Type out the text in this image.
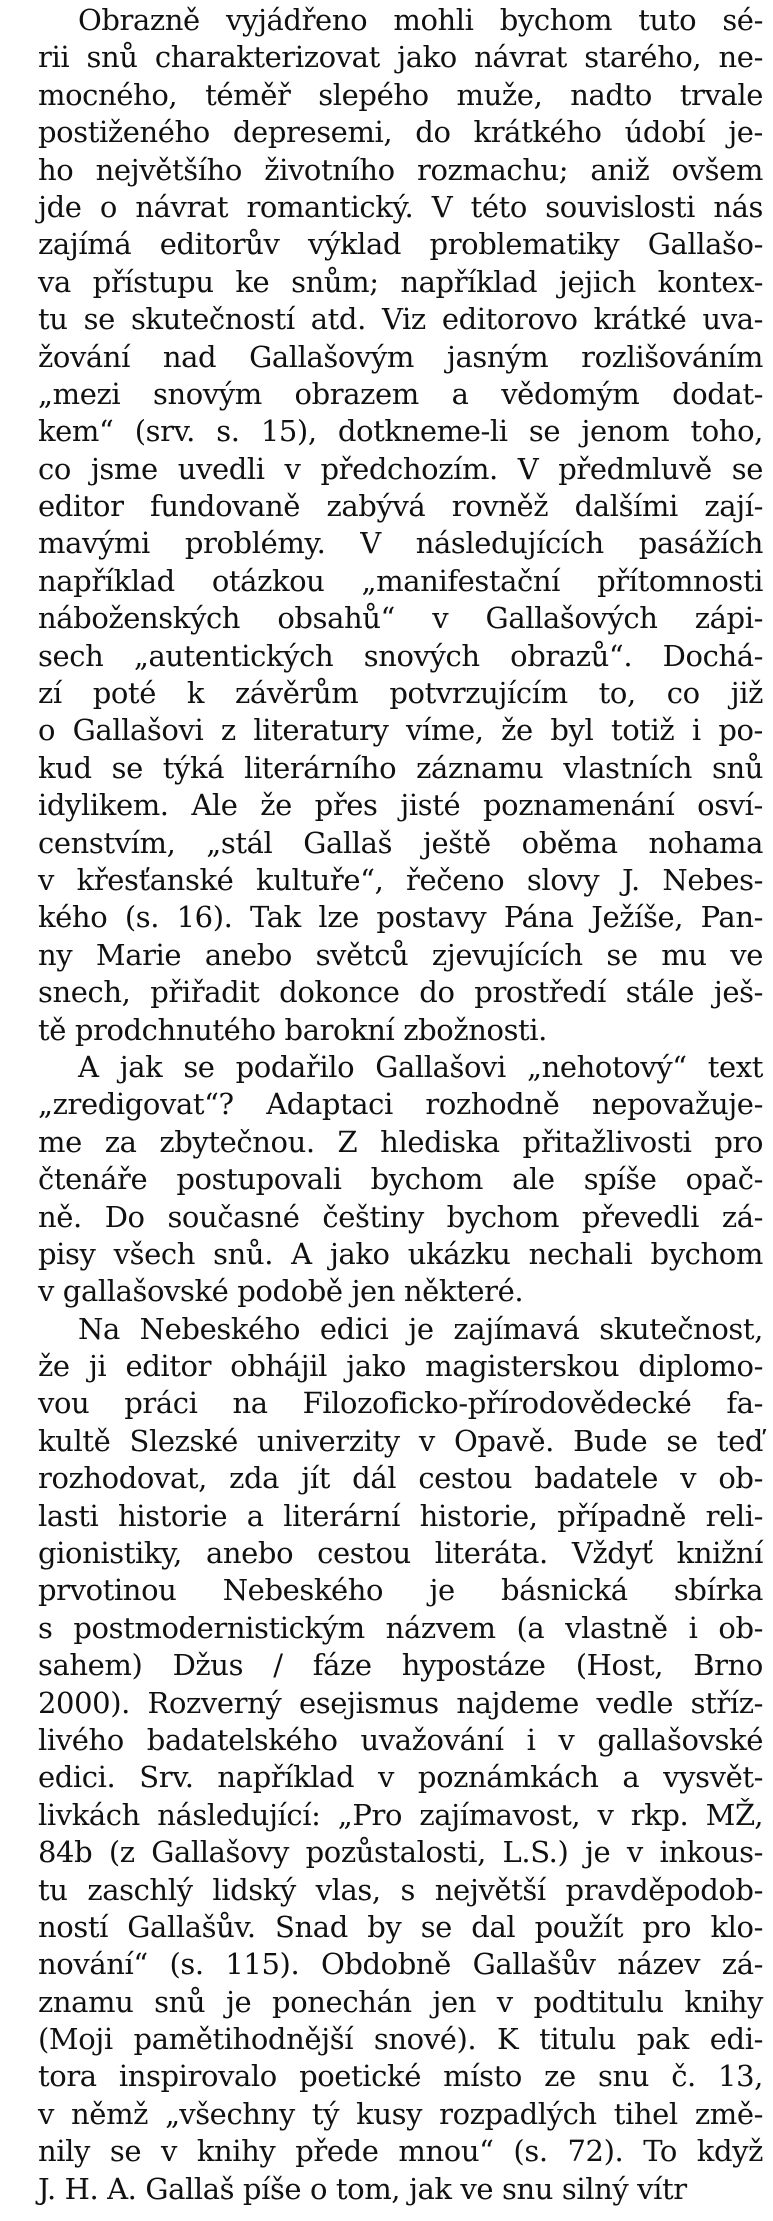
Obrazně vyjádřeno mohli bychom tuto sé-
rii snů charakterizovat jako návrat starého, ne-
mocného, téměř slepého muže, nadto trvale
postiženého depresemi, do krátkého údobí je-
ho největšího životního rozmachu; aniž ovšem
jde o návrat romantický. V této souvislosti nás
zajímá editorův výklad problematiky Gallašo-
va přístupu ke snům; například jejich kontex-
tu se skutečností atd. Viz editorovo krátké uva-
žování nad Gallašovým jasným rozlišováním
„mezi snovým obrazem a vědomým dodat-
kem“ (srv. s. 15), dotkneme-li se jenom toho,
co jsme uvedli v předchozím. V předmluvě se
editor fundovaně zabývá rovněž dalšími zají-
mavými problémy. V následujících pasážích
například otázkou „manifestační přítomnosti
náboženských obsahů“ v Gallašových zápi-
sech „autentických snových obrazů“. Dochá-
zí poté k závěrům potvrzujícím to, co již
o Gallašovi z literatury víme, že byl totiž i po-
kud se týká literárního záznamu vlastních snů
idylikem. Ale že přes jisté poznamenání osví-
censtvím, „stál Gallaš ještě oběma nohama
v křesťanské kultuře“, řečeno slovy J. Nebes-
kého (s. 16). Tak lze postavy Pána Ježíše, Pan-
ny Marie anebo světců zjevujících se mu ve
snech, přiřadit dokonce do prostředí stále ješ-
tě prodchnutého barokní zbožnosti.
A jak se podařilo Gallašovi „nehotový“ text
„zredigovat“? Adaptaci rozhodně nepovažuje-
me za zbytečnou. Z hlediska přitažlivosti pro
čtenáře postupovali bychom ale spíše opač-
ně. Do současné češtiny bychom převedli zá-
pisy všech snů. A jako ukázku nechali bychom
v gallašovské podobě jen některé.
Na Nebeského edici je zajímavá skutečnost,
že ji editor obhájil jako magisterskou diplomo-
vou práci na Filozoficko-přírodovědecké fa-
kultě Slezské univerzity v Opavě. Bude se teď
rozhodovat, zda jít dál cestou badatele v ob-
lasti historie a literární historie, případně reli-
gionistiky, anebo cestou literáta. Vždyť knižní
prvotinou Nebeského je básnická sbírka
s postmodernistickým názvem (a vlastně i ob-
sahem) Džus / fáze hypostáze (Host, Brno
2000). Rozverný esejismus najdeme vedle stříz-
livého badatelského uvažování i v gallašovské
edici. Srv. například v poznámkách a vysvět-
livkách následující: „Pro zajímavost, v rkp. MŽ,
84b (z Gallašovy pozůstalosti, L.S.) je v inkous-
tu zaschlý lidský vlas, s největší pravděpodob-
ností Gallašův. Snad by se dal použít pro klo-
nování“ (s. 115). Obdobně Gallašův název zá-
znamu snů je ponechán jen v podtitulu knihy
(Moji pamětihodnější snové). K titulu pak edi-
tora inspirovalo poetické místo ze snu č. 13,
v němž „všechny tý kusy rozpadlých tihel změ-
nily se v knihy přede mnou“ (s. 72). To když
J. H. A. Gallaš píše o tom, jak ve snu silný vítr
